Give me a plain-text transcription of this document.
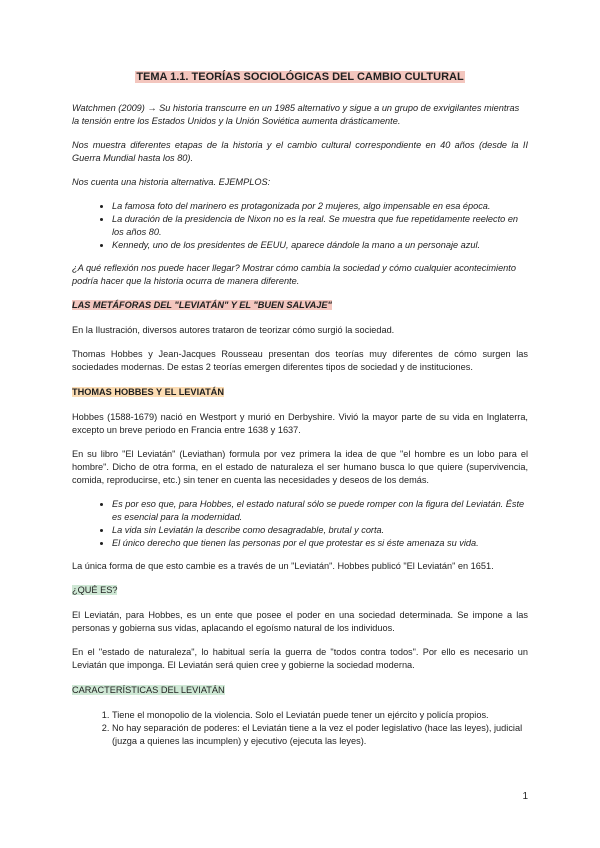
TEMA 1.1. TEORÍAS SOCIOLÓGICAS DEL CAMBIO CULTURAL

Watchmen (2009) → Su historia transcurre en un 1985 alternativo y sigue a un grupo de exvigilantes mientras la tensión entre los Estados Unidos y la Unión Soviética aumenta drásticamente.

Nos muestra diferentes etapas de la historia y el cambio cultural correspondiente en 40 años (desde la II Guerra Mundial hasta los 80).

Nos cuenta una historia alternativa. EJEMPLOS:

• La famosa foto del marinero es protagonizada por 2 mujeres, algo impensable en esa época.
• La duración de la presidencia de Nixon no es la real. Se muestra que fue repetidamente reelecto en los años 80.
• Kennedy, uno de los presidentes de EEUU, aparece dándole la mano a un personaje azul.

¿A qué reflexión nos puede hacer llegar? Mostrar cómo cambia la sociedad y cómo cualquier acontecimiento podría hacer que la historia ocurra de manera diferente.

LAS METÁFORAS DEL "LEVIATÁN" Y EL "BUEN SALVAJE"

En la Ilustración, diversos autores trataron de teorizar cómo surgió la sociedad.

Thomas Hobbes y Jean-Jacques Rousseau presentan dos teorías muy diferentes de cómo surgen las sociedades modernas. De estas 2 teorías emergen diferentes tipos de sociedad y de instituciones.

THOMAS HOBBES Y EL LEVIATÁN

Hobbes (1588-1679) nació en Westport y murió en Derbyshire. Vivió la mayor parte de su vida en Inglaterra, excepto un breve periodo en Francia entre 1638 y 1637.

En su libro "El Leviatán" (Leviathan) formula por vez primera la idea de que "el hombre es un lobo para el hombre". Dicho de otra forma, en el estado de naturaleza el ser humano busca lo que quiere (supervivencia, comida, reproducirse, etc.) sin tener en cuenta las necesidades y deseos de los demás.

• Es por eso que, para Hobbes, el estado natural sólo se puede romper con la figura del Leviatán. Éste es esencial para la modernidad.
• La vida sin Leviatán la describe como desagradable, brutal y corta.
• El único derecho que tienen las personas por el que protestar es si éste amenaza su vida.

La única forma de que esto cambie es a través de un "Leviatán". Hobbes publicó "El Leviatán" en 1651.

¿QUÉ ES?

El Leviatán, para Hobbes, es un ente que posee el poder en una sociedad determinada. Se impone a las personas y gobierna sus vidas, aplacando el egoísmo natural de los individuos.

En el "estado de naturaleza", lo habitual sería la guerra de "todos contra todos". Por ello es necesario un Leviatán que imponga. El Leviatán será quien cree y gobierne la sociedad moderna.

CARACTERÍSTICAS DEL LEVIATÁN
1. Tiene el monopolio de la violencia. Solo el Leviatán puede tener un ejército y policía propios.
2. No hay separación de poderes: el Leviatán tiene a la vez el poder legislativo (hace las leyes), judicial (juzga a quienes las incumplen) y ejecutivo (ejecuta las leyes).
1
